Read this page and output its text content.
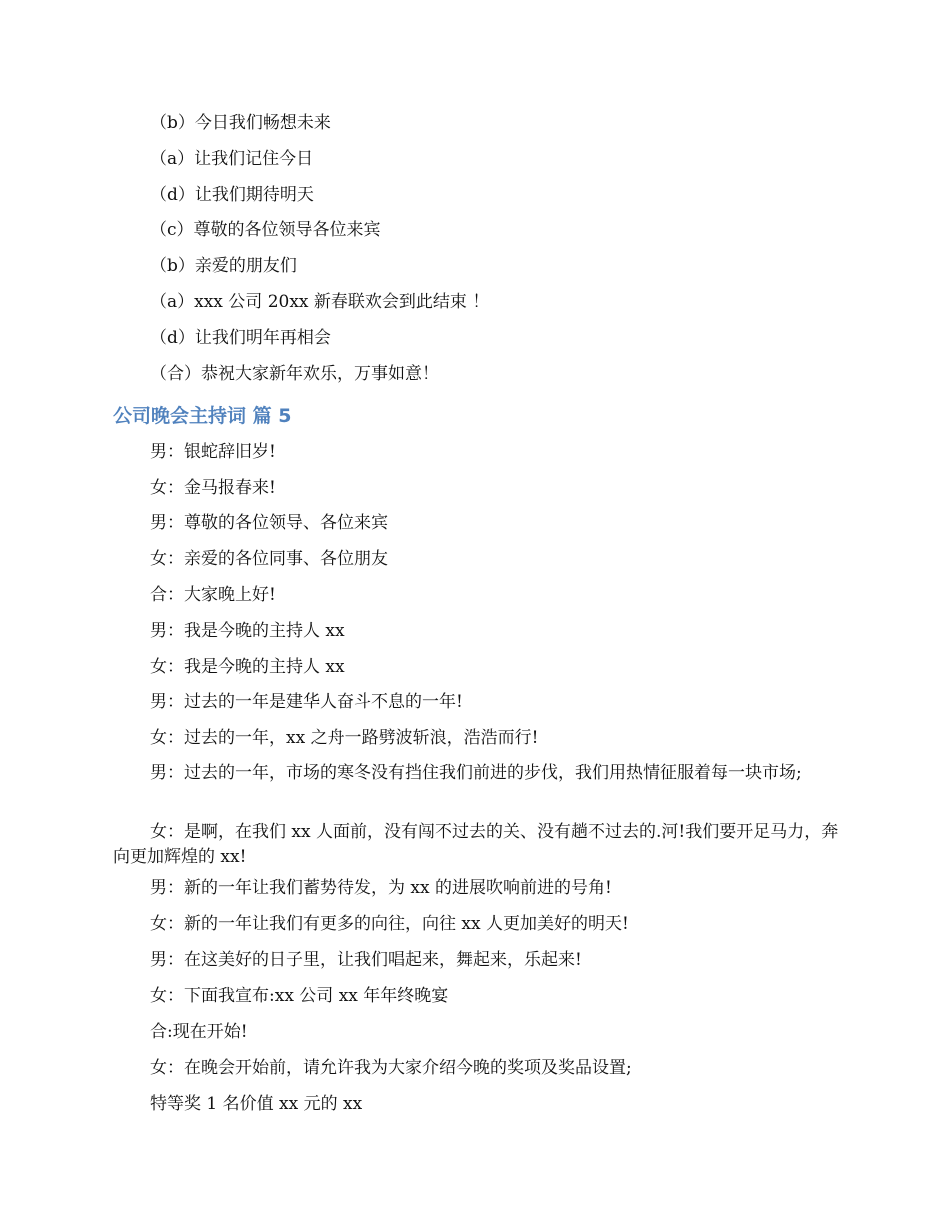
（b）今日我们畅想未来
（a）让我们记住今日
（d）让我们期待明天
（c）尊敬的各位领导各位来宾
（b）亲爱的朋友们
（a）xxx 公司 20xx 新春联欢会到此结束 ！
（d）让我们明年再相会
（合）恭祝大家新年欢乐，万事如意！
公司晚会主持词 篇 5
男：银蛇辞旧岁!
女：金马报春来!
男：尊敬的各位领导、各位来宾
女：亲爱的各位同事、各位朋友
合：大家晚上好!
男：我是今晚的主持人 xx
女：我是今晚的主持人 xx
男：过去的一年是建华人奋斗不息的一年!
女：过去的一年，xx 之舟一路劈波斩浪，浩浩而行!
男：过去的一年，市场的寒冬没有挡住我们前进的步伐，我们用热情征服着每一块市场;
女：是啊，在我们 xx 人面前，没有闯不过去的关、没有趟不过去的.河!我们要开足马力，奔向更加辉煌的 xx!
男：新的一年让我们蓄势待发，为 xx 的进展吹响前进的号角!
女：新的一年让我们有更多的向往，向往 xx 人更加美好的明天!
男：在这美好的日子里，让我们唱起来，舞起来，乐起来!
女：下面我宣布:xx 公司 xx 年年终晚宴
合:现在开始!
女：在晚会开始前，请允许我为大家介绍今晚的奖项及奖品设置;
特等奖 1 名价值 xx 元的 xx
